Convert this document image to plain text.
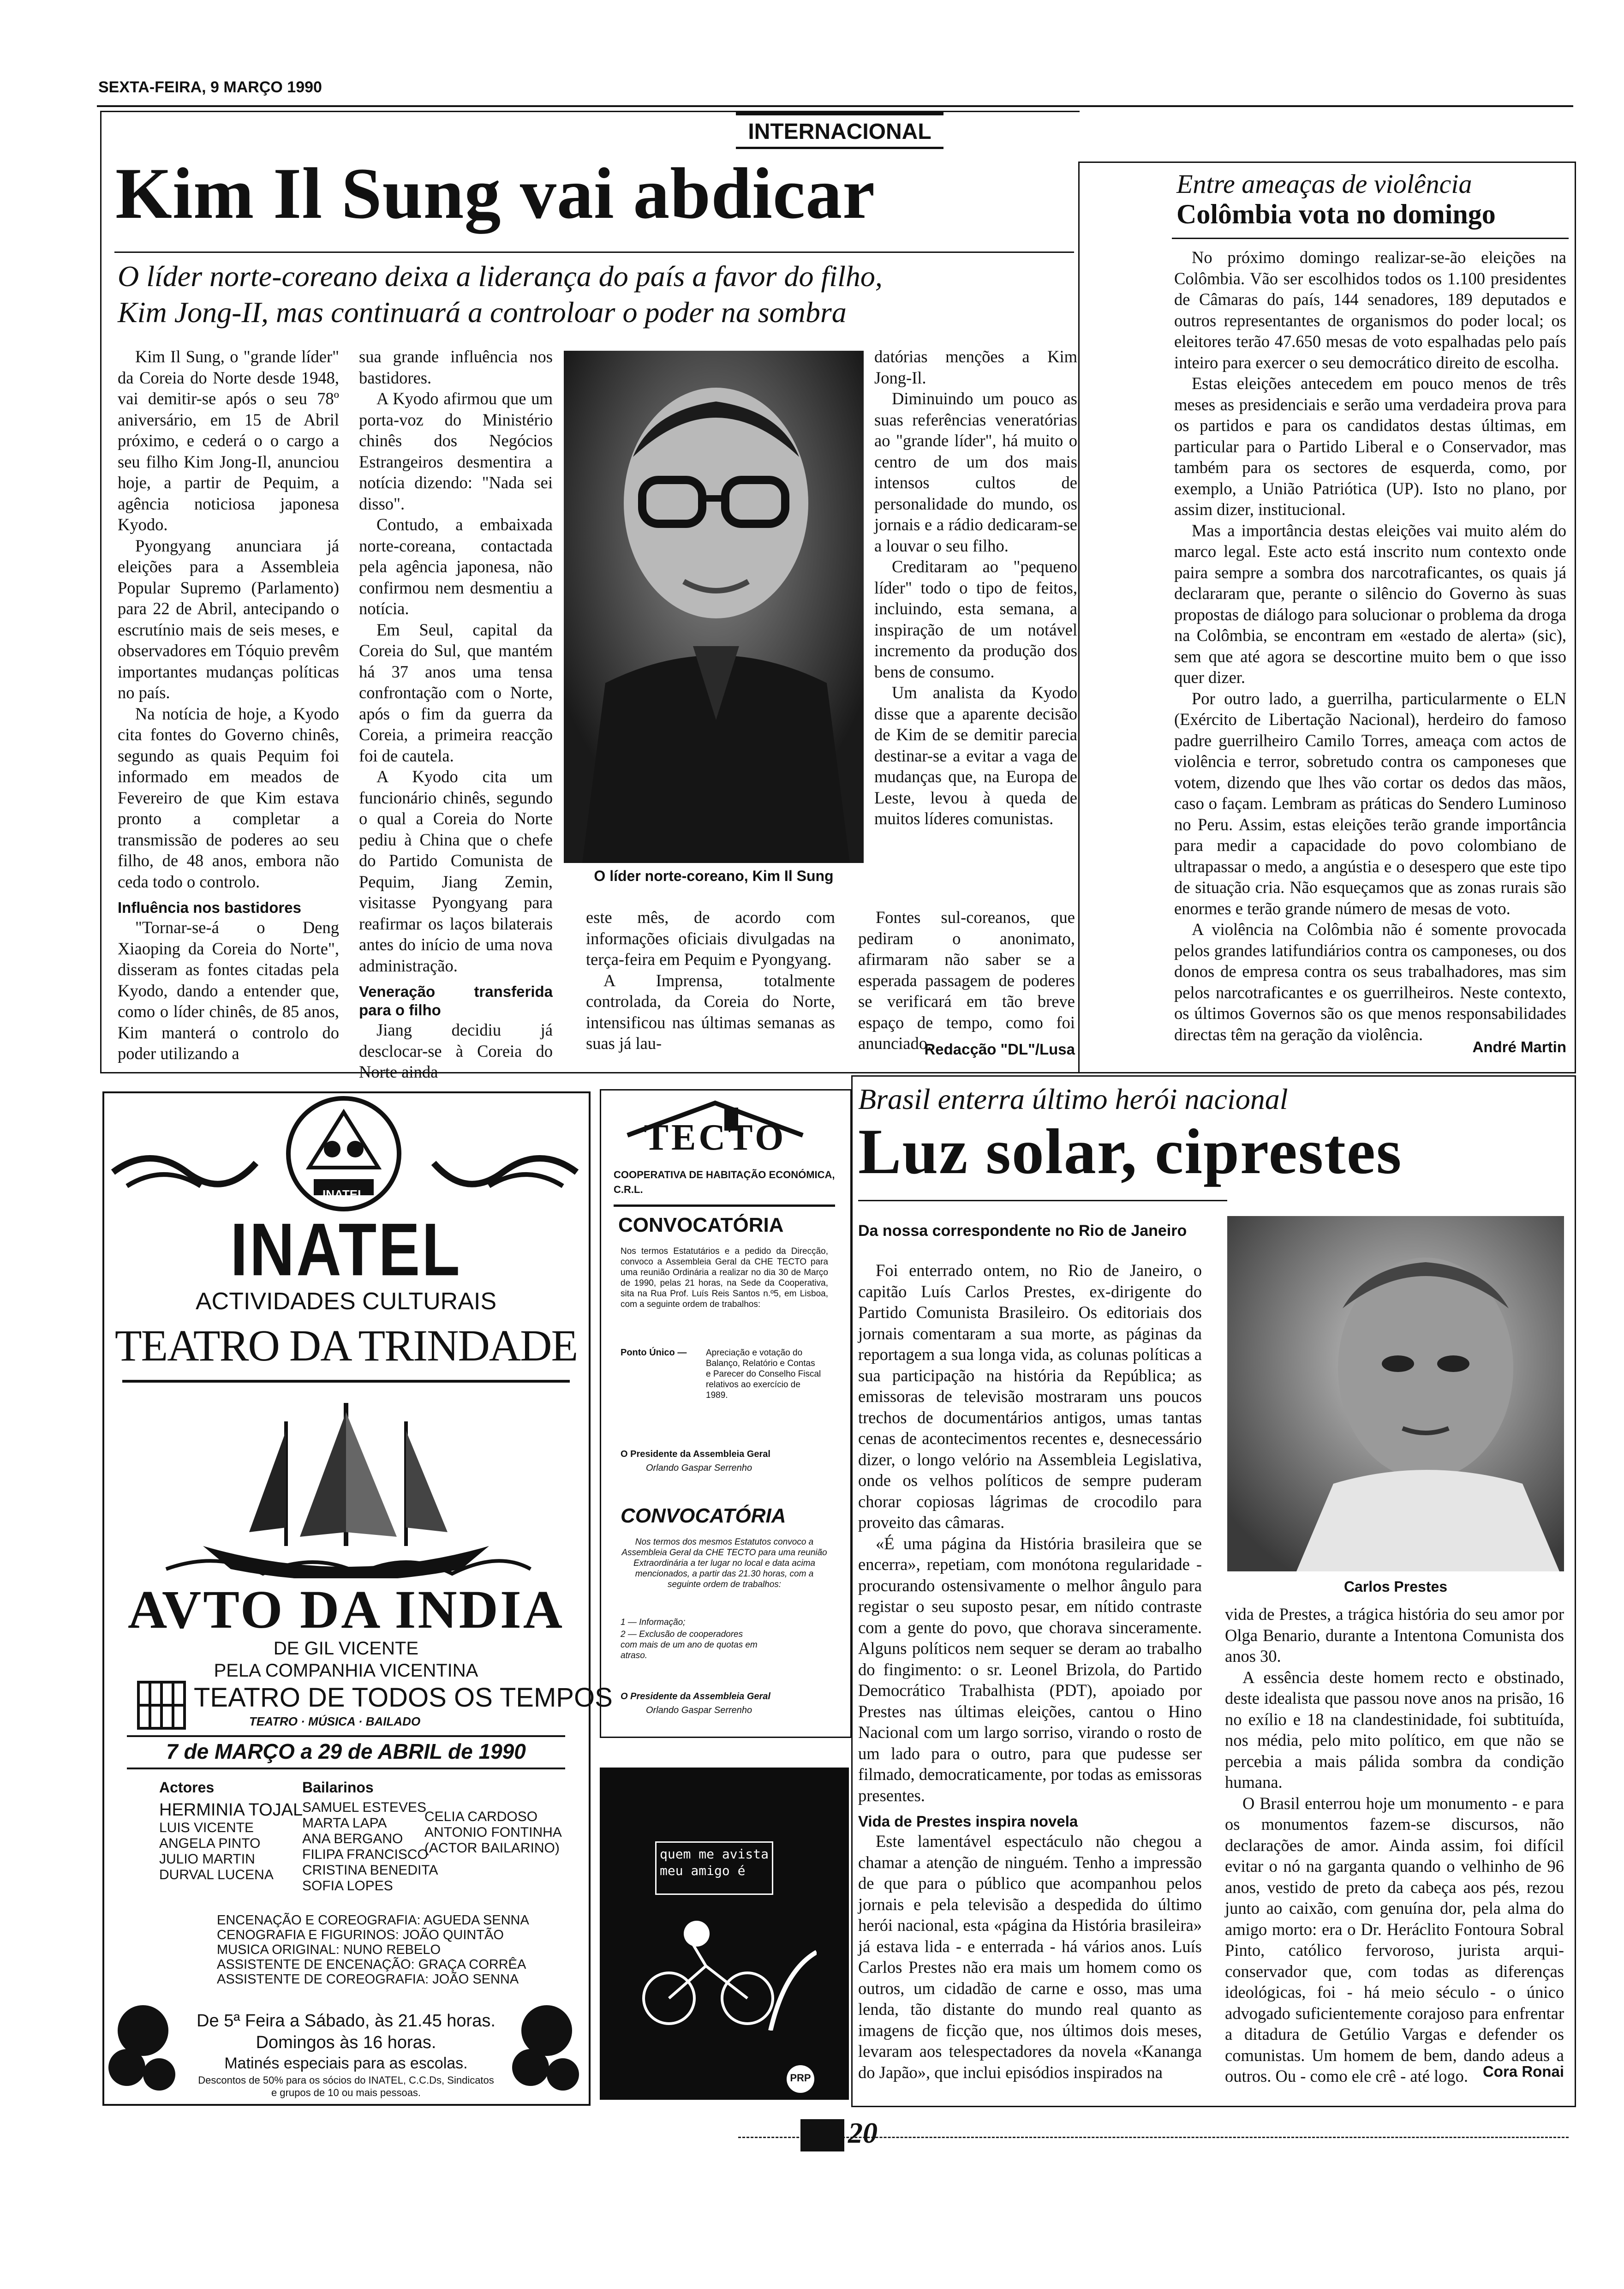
SEXTA-FEIRA, 9 MARÇO 1990
INTERNACIONAL
Kim Il Sung vai abdicar
O líder norte-coreano deixa a liderança do país a favor do filho,
Kim Jong-II, mas continuará a controloar o poder na sombra

Kim Il Sung, o "grande líder" da Coreia do Norte desde 1948, vai demitir-se após o seu 78º aniversário, em 15 de Abril próximo, e cederá o o cargo a seu filho Kim Jong-Il, anunciou hoje, a partir de Pequim, a agência noticiosa japonesa Kyodo.

Pyongyang anunciara já eleições para a Assembleia Popular Supremo (Parlamento) para 22 de Abril, antecipando o escrutínio mais de seis meses, e observadores em Tóquio prevêm importantes mudanças políticas no país.

Na notícia de hoje, a Kyodo cita fontes do Governo chinês, segundo as quais Pequim foi informado em meados de Fevereiro de que Kim estava pronto a completar a transmissão de poderes ao seu filho, de 48 anos, embora não ceda todo o controlo.

Influência nos bastidores

"Tornar-se-á o Deng Xiaoping da Coreia do Norte", disseram as fontes citadas pela Kyodo, dando a entender que, como o líder chinês, de 85 anos, Kim manterá o controlo do poder utilizando a

sua grande influência nos bastidores.

A Kyodo afirmou que um porta-voz do Ministério chinês dos Negócios Estrangeiros desmentira a notícia dizendo: "Nada sei disso".

Contudo, a embaixada norte-coreana, contactada pela agência japonesa, não confirmou nem desmentiu a notícia.

Em Seul, capital da Coreia do Sul, que mantém há 37 anos uma tensa confrontação com o Norte, após o fim da guerra da Coreia, a primeira reacção foi de cautela.

A Kyodo cita um funcionário chinês, segundo o qual a Coreia do Norte pediu à China que o chefe do Partido Comunista de Pequim, Jiang Zemin, visitasse Pyongyang para reafirmar os laços bilaterais antes do início de uma nova administração.

Veneração transferida para o filho

Jiang decidiu já desclocar-se à Coreia do Norte ainda

O líder norte-coreano, Kim Il Sung

datórias menções a Kim Jong-Il.

Diminuindo um pouco as suas referências veneratórias ao "grande líder", há muito o centro de um dos mais intensos cultos de personalidade do mundo, os jornais e a rádio dedicaram-se a louvar o seu filho.

Creditaram ao "pequeno líder" todo o tipo de feitos, incluindo, esta semana, a inspiração de um notável incremento da produção dos bens de consumo.

Um analista da Kyodo disse que a aparente decisão de Kim de se demitir parecia destinar-se a evitar a vaga de mudanças que, na Europa de Leste, levou à queda de muitos líderes comunistas.

este mês, de acordo com informações oficiais divulgadas na terça-feira em Pequim e Pyongyang.

A Imprensa, totalmente controlada, da Coreia do Norte, intensificou nas últimas semanas as suas já lau-

Fontes sul-coreanos, que pediram o anonimato, afirmaram não saber se a esperada passagem de poderes se verificará em tão breve espaço de tempo, como foi anunciado.

Redacção "DL"/Lusa
Entre ameaças de violência
Colômbia vota no domingo

No próximo domingo realizar-se-ão eleições na Colômbia. Vão ser escolhidos todos os 1.100 presidentes de Câmaras do país, 144 senadores, 189 deputados e outros representantes de organismos do poder local; os eleitores terão 47.650 mesas de voto espalhadas pelo país inteiro para exercer o seu democrático direito de escolha.

Estas eleições antecedem em pouco menos de três meses as presidenciais e serão uma verdadeira prova para os partidos e para os candidatos destas últimas, em particular para o Partido Liberal e o Conservador, mas também para os sectores de esquerda, como, por exemplo, a União Patriótica (UP). Isto no plano, por assim dizer, institucional.

Mas a importância destas eleições vai muito além do marco legal. Este acto está inscrito num contexto onde paira sempre a sombra dos narcotraficantes, os quais já declararam que, perante o silêncio do Governo às suas propostas de diálogo para solucionar o problema da droga na Colômbia, se encontram em «estado de alerta» (sic), sem que até agora se descortine muito bem o que isso quer dizer.

Por outro lado, a guerrilha, particularmente o ELN (Exército de Libertação Nacional), herdeiro do famoso padre guerrilheiro Camilo Torres, ameaça com actos de violência e terror, sobretudo contra os camponeses que votem, dizendo que lhes vão cortar os dedos das mãos, caso o façam. Lembram as práticas do Sendero Luminoso no Peru. Assim, estas eleições terão grande importância para medir a capacidade do povo colombiano de ultrapassar o medo, a angústia e o desespero que este tipo de situação cria. Não esqueçamos que as zonas rurais são enormes e terão grande número de mesas de voto.

A violência na Colômbia não é somente provocada pelos grandes latifundiários contra os camponeses, ou dos donos de empresa contra os seus trabalhadores, mas sim pelos narcotraficantes e os guerrilheiros. Neste contexto, os últimos Governos são os que menos responsabilidades directas têm na geração da violência.

André Martin
INATEL
INATEL
ACTIVIDADES CULTURAIS
TEATRO DA TRINDADE
AVTO DA INDIA
DE GIL VICENTE
PELA COMPANHIA VICENTINA
TEATRO DE TODOS OS TEMPOS
TEATRO · MÚSICA · BAILADO
7 de MARÇO a 29 de ABRIL de 1990
Actores	Bailarinos
HERMINIA TOJAL
LUIS VICENTE
ANGELA PINTO
JULIO MARTIN
DURVAL LUCENA
SAMUEL ESTEVES
MARTA LAPA
ANA BERGANO
FILIPA FRANCISCO
CRISTINA BENEDITA
SOFIA LOPES
CELIA CARDOSO
ANTONIO FONTINHA
(ACTOR BAILARINO)
ENCENAÇÃO E COREOGRAFIA: AGUEDA SENNA
CENOGRAFIA E FIGURINOS: JOÃO QUINTÃO
MUSICA ORIGINAL: NUNO REBELO
ASSISTENTE DE ENCENAÇÃO: GRAÇA CORRÊA
ASSISTENTE DE COREOGRAFIA: JOÃO SENNA
De 5ª Feira a Sábado, às 21.45 horas.
Domingos às 16 horas.
Matinés especiais para as escolas.
Descontos de 50% para os sócios do INATEL, C.C.Ds, Sindicatos
e grupos de 10 ou mais pessoas.
TECTO
COOPERATIVA DE HABITAÇÃO ECONÓMICA,
C.R.L.
CONVOCATÓRIA
Nos termos Estatutários e a pedido da Direcção, convoco a Assembleia Geral da CHE TECTO para uma reunião Ordinária a realizar no dia 30 de Março de 1990, pelas 21 horas, na Sede da Cooperativa, sita na Rua Prof. Luís Reis Santos n.º5, em Lisboa, com a seguinte ordem de trabalhos:
Ponto Único — Apreciação e votação do Balanço, Relatório e Contas e Parecer do Conselho Fiscal relativos ao exercício de 1989.
O Presidente da Assembleia Geral
Orlando Gaspar Serrenho
CONVOCATÓRIA
Nos termos dos mesmos Estatutos convoco a Assembleia Geral da CHE TECTO para uma reunião Extraordinária a ter lugar no local e data acima mencionados, a partir das 21.30 horas, com a seguinte ordem de trabalhos:
1 — Informação;
2 — Exclusão de cooperadores com mais de um ano de quotas em atraso.
O Presidente da Assembleia Geral
Orlando Gaspar Serrenho
quem me avista
meu amigo é
PRP
Brasil enterra último herói nacional
Luz solar, ciprestes
Da nossa correspondente no Rio de Janeiro

Foi enterrado ontem, no Rio de Janeiro, o capitão Luís Carlos Prestes, ex-dirigente do Partido Comunista Brasileiro. Os editoriais dos jornais comentaram a sua morte, as páginas da reportagem a sua longa vida, as colunas políticas a sua participação na história da República; as emissoras de televisão mostraram uns poucos trechos de documentários antigos, umas tantas cenas de acontecimentos recentes e, desnecessário dizer, o longo velório na Assembleia Legislativa, onde os velhos políticos de sempre puderam chorar copiosas lágrimas de crocodilo para proveito das câmaras.

«É uma página da História brasileira que se encerra», repetiam, com monótona regularidade - procurando ostensivamente o melhor ângulo para registar o seu suposto pesar, em nítido contraste com a gente do povo, que chorava sinceramente. Alguns políticos nem sequer se deram ao trabalho do fingimento: o sr. Leonel Brizola, do Partido Democrático Trabalhista (PDT), apoiado por Prestes nas últimas eleições, cantou o Hino Nacional com um largo sorriso, virando o rosto de um lado para o outro, para que pudesse ser filmado, democraticamente, por todas as emissoras presentes.

Vida de Prestes inspira novela

Este lamentável espectáculo não chegou a chamar a atenção de ninguém. Tenho a impressão de que para o público que acompanhou pelos jornais e pela televisão a despedida do último herói nacional, esta «página da História brasileira» já estava lida - e enterrada - há vários anos. Luís Carlos Prestes não era mais um homem como os outros, um cidadão de carne e osso, mas uma lenda, tão distante do mundo real quanto as imagens de ficção que, nos últimos dois meses, levaram aos telespectadores da novela «Kananga do Japão», que inclui episódios inspirados na

Carlos Prestes

vida de Prestes, a trágica história do seu amor por Olga Benario, durante a Intentona Comunista dos anos 30.

A essência deste homem recto e obstinado, deste idealista que passou nove anos na prisão, 16 no exílio e 18 na clandestinidade, foi subtituída, nos média, pelo mito político, em que não se percebia a mais pálida sombra da condição humana.

O Brasil enterrou hoje um monumento - e para os monumentos fazem-se discursos, não declarações de amor. Ainda assim, foi difícil evitar o nó na garganta quando o velhinho de 96 anos, vestido de preto da cabeça aos pés, rezou junto ao caixão, com genuína dor, pela alma do amigo morto: era o Dr. Heráclito Fontoura Sobral Pinto, católico fervoroso, jurista arqui-conservador que, com todas as diferenças ideológicas, foi - há meio século - o único advogado suficientemente corajoso para enfrentar a ditadura de Getúlio Vargas e defender os comunistas. Um homem de bem, dando adeus a outros. Ou - como ele crê - até logo. Cora Ronai
20
